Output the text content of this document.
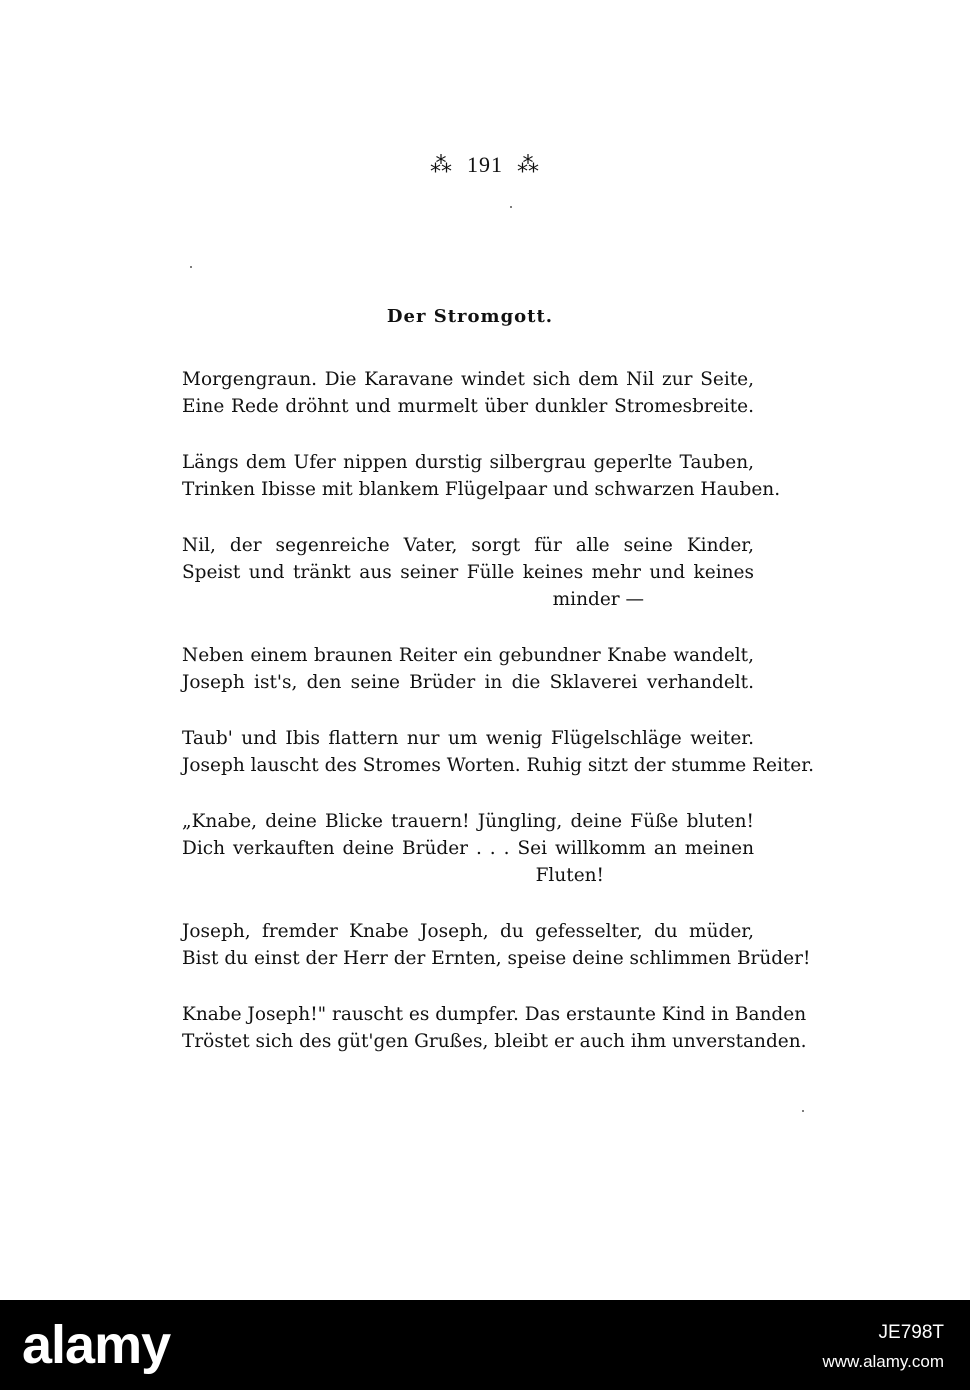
⁂ 191 ⁂
Der Stromgott.
Morgengraun. Die Karavane windet sich dem Nil zur Seite,
Eine Rede dröhnt und murmelt über dunkler Stromesbreite.
Längs dem Ufer nippen durstig silbergrau geperlte Tauben,
Trinken Ibisse mit blankem Flügelpaar und schwarzen Hauben.
Nil, der segenreiche Vater, sorgt für alle seine Kinder,
Speist und tränkt aus seiner Fülle keines mehr und keines
minder —
Neben einem braunen Reiter ein gebundner Knabe wandelt,
Joseph ist's, den seine Brüder in die Sklaverei verhandelt.
Taub' und Ibis flattern nur um wenig Flügelschläge weiter.
Joseph lauscht des Stromes Worten. Ruhig sitzt der stumme Reiter.
„Knabe, deine Blicke trauern! Jüngling, deine Füße bluten!
Dich verkauften deine Brüder . . . Sei willkomm an meinen
Fluten!
Joseph, fremder Knabe Joseph, du gefesselter, du müder,
Bist du einst der Herr der Ernten, speise deine schlimmen Brüder!
Knabe Joseph!" rauscht es dumpfer. Das erstaunte Kind in Banden
Tröstet sich des güt'gen Grußes, bleibt er auch ihm unverstanden.
alamy	JE798T
www.alamy.com
